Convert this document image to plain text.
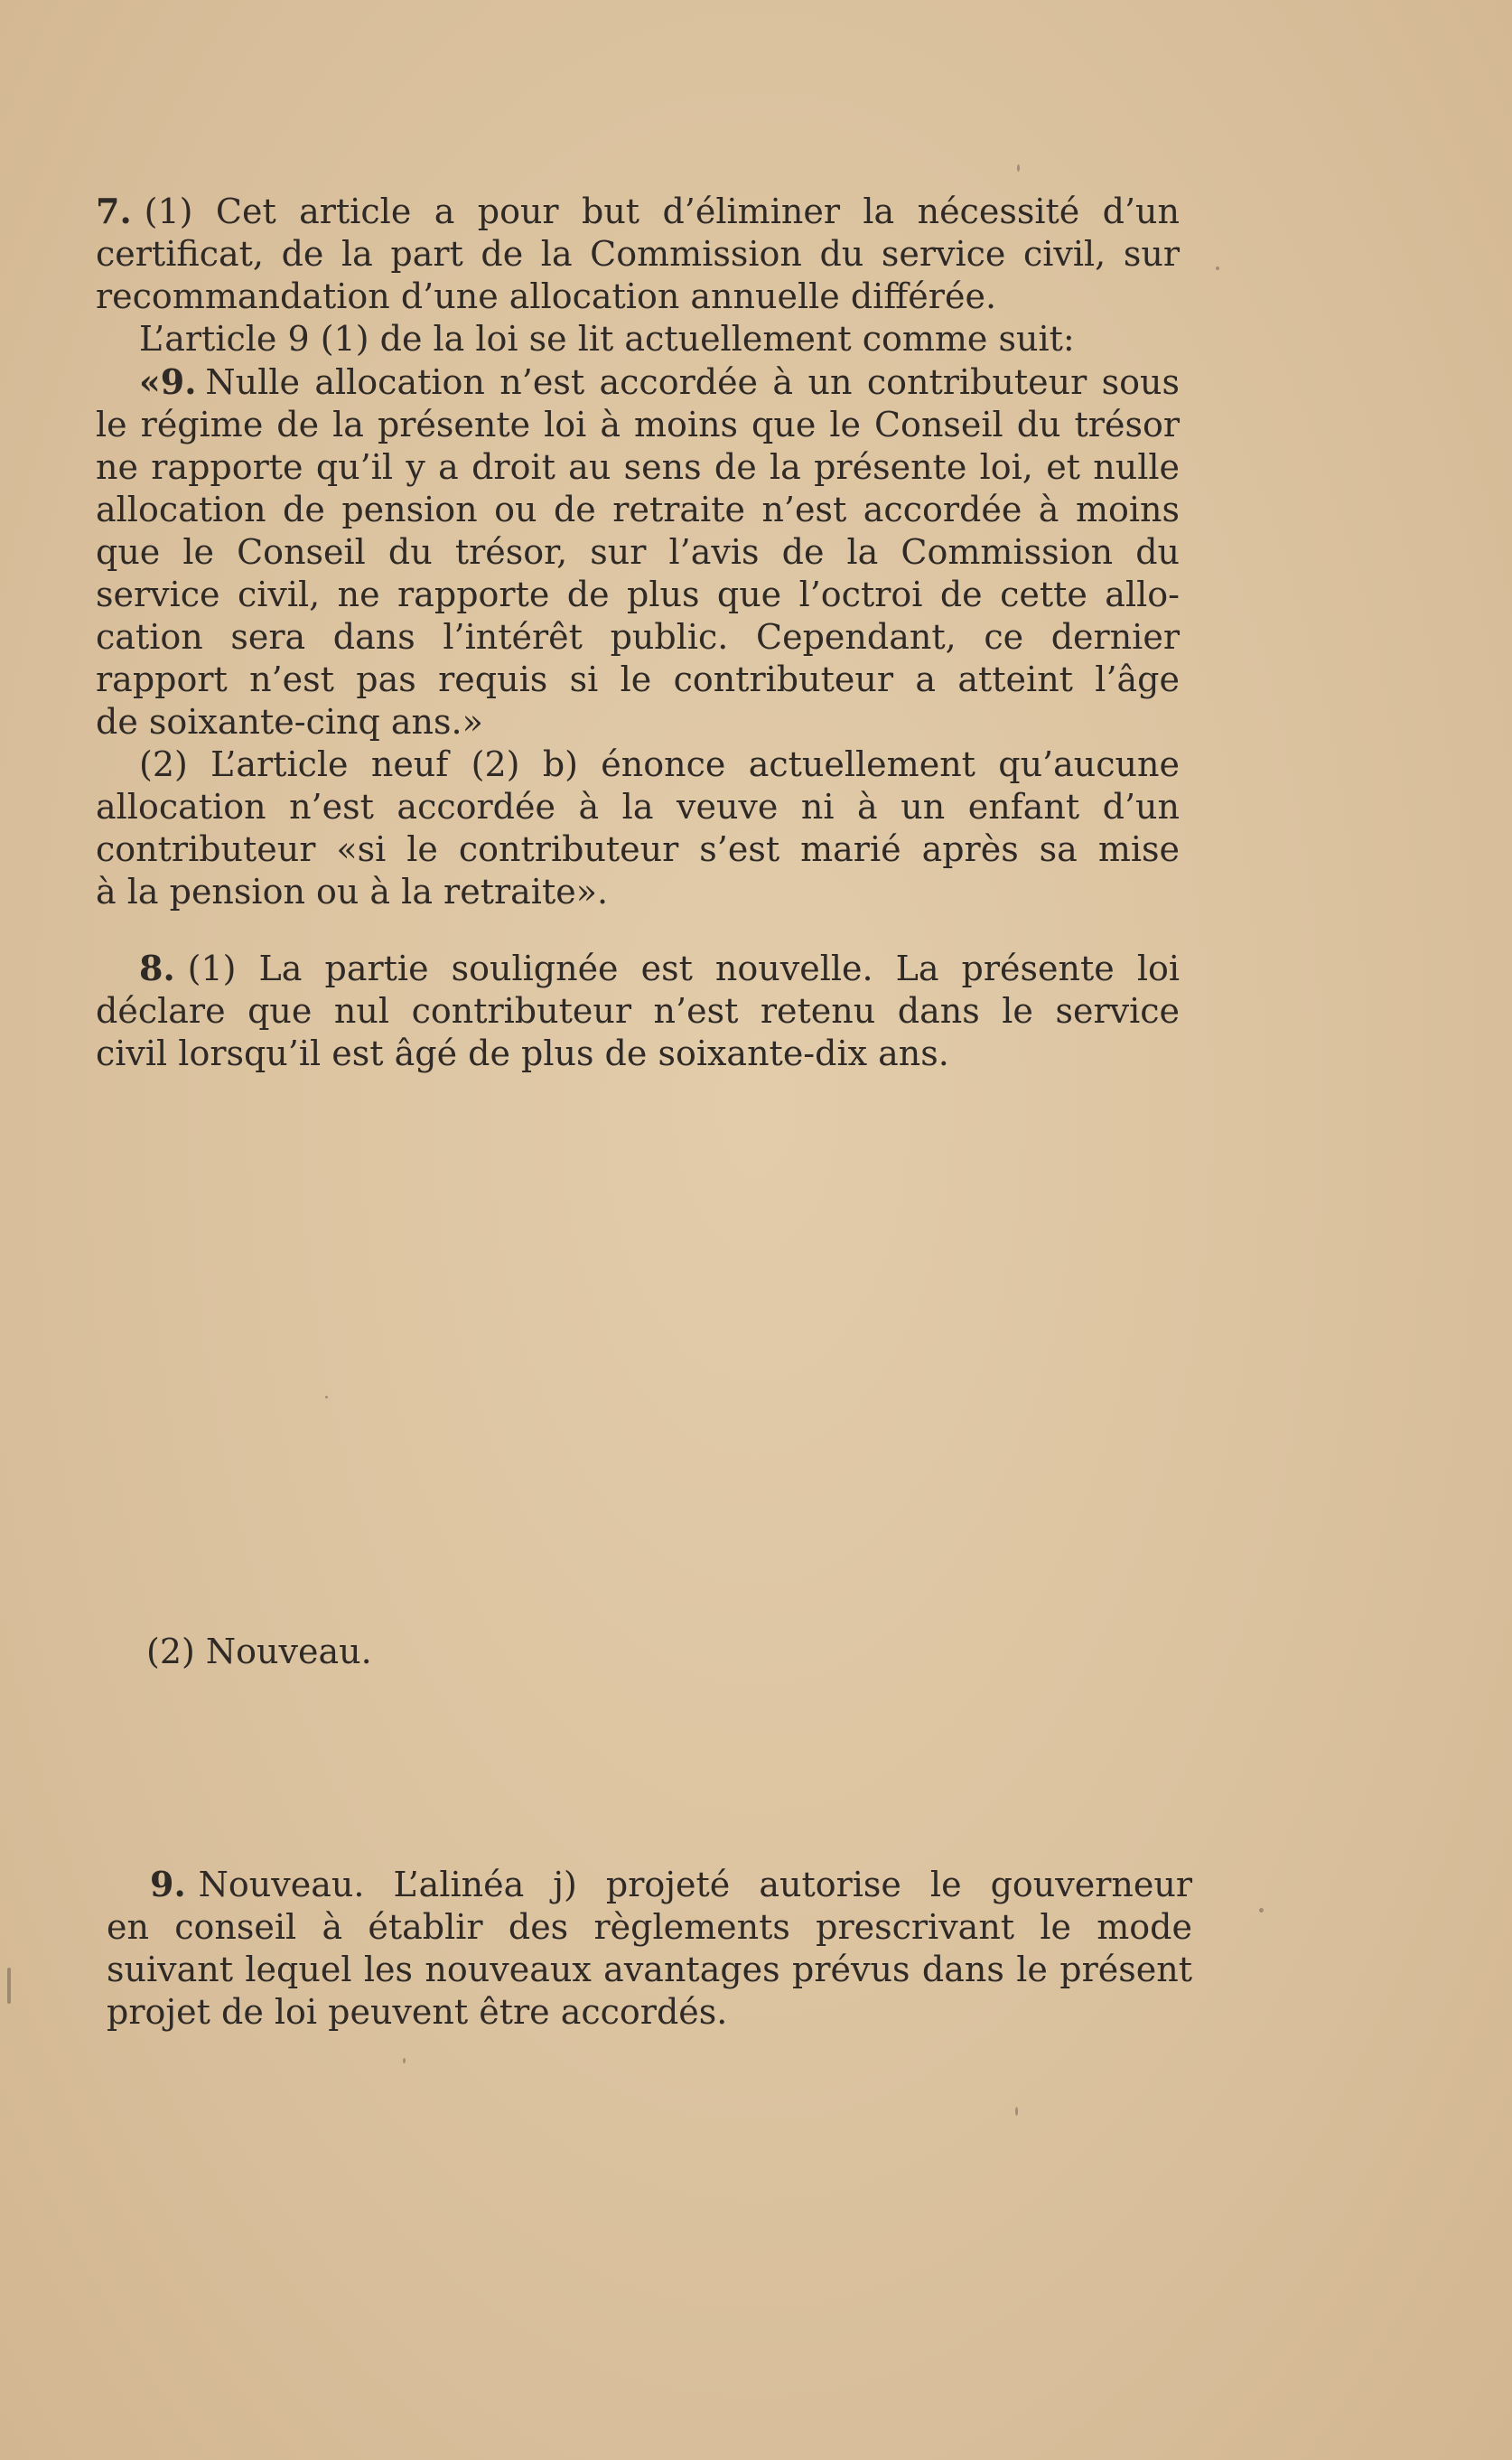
7. (1) Cet article a pour but d’éliminer la nécessité d’un
certificat, de la part de la Commission du service civil, sur
recommandation d’une allocation annuelle différée.
L’article 9 (1) de la loi se lit actuellement comme suit:
«9. Nulle allocation n’est accordée à un contributeur sous
le régime de la présente loi à moins que le Conseil du trésor
ne rapporte qu’il y a droit au sens de la présente loi, et nulle
allocation de pension ou de retraite n’est accordée à moins
que le Conseil du trésor, sur l’avis de la Commission du
service civil, ne rapporte de plus que l’octroi de cette allo-
cation sera dans l’intérêt public. Cependant, ce dernier
rapport n’est pas requis si le contributeur a atteint l’âge
de soixante-cinq ans.»
(2) L’article neuf (2) b) énonce actuellement qu’aucune
allocation n’est accordée à la veuve ni à un enfant d’un
contributeur «si le contributeur s’est marié après sa mise
à la pension ou à la retraite».
8. (1) La partie soulignée est nouvelle. La présente loi
déclare que nul contributeur n’est retenu dans le service
civil lorsqu’il est âgé de plus de soixante-dix ans.
(2) Nouveau.
9. Nouveau. L’alinéa j) projeté autorise le gouverneur
en conseil à établir des règlements prescrivant le mode
suivant lequel les nouveaux avantages prévus dans le présent
projet de loi peuvent être accordés.
